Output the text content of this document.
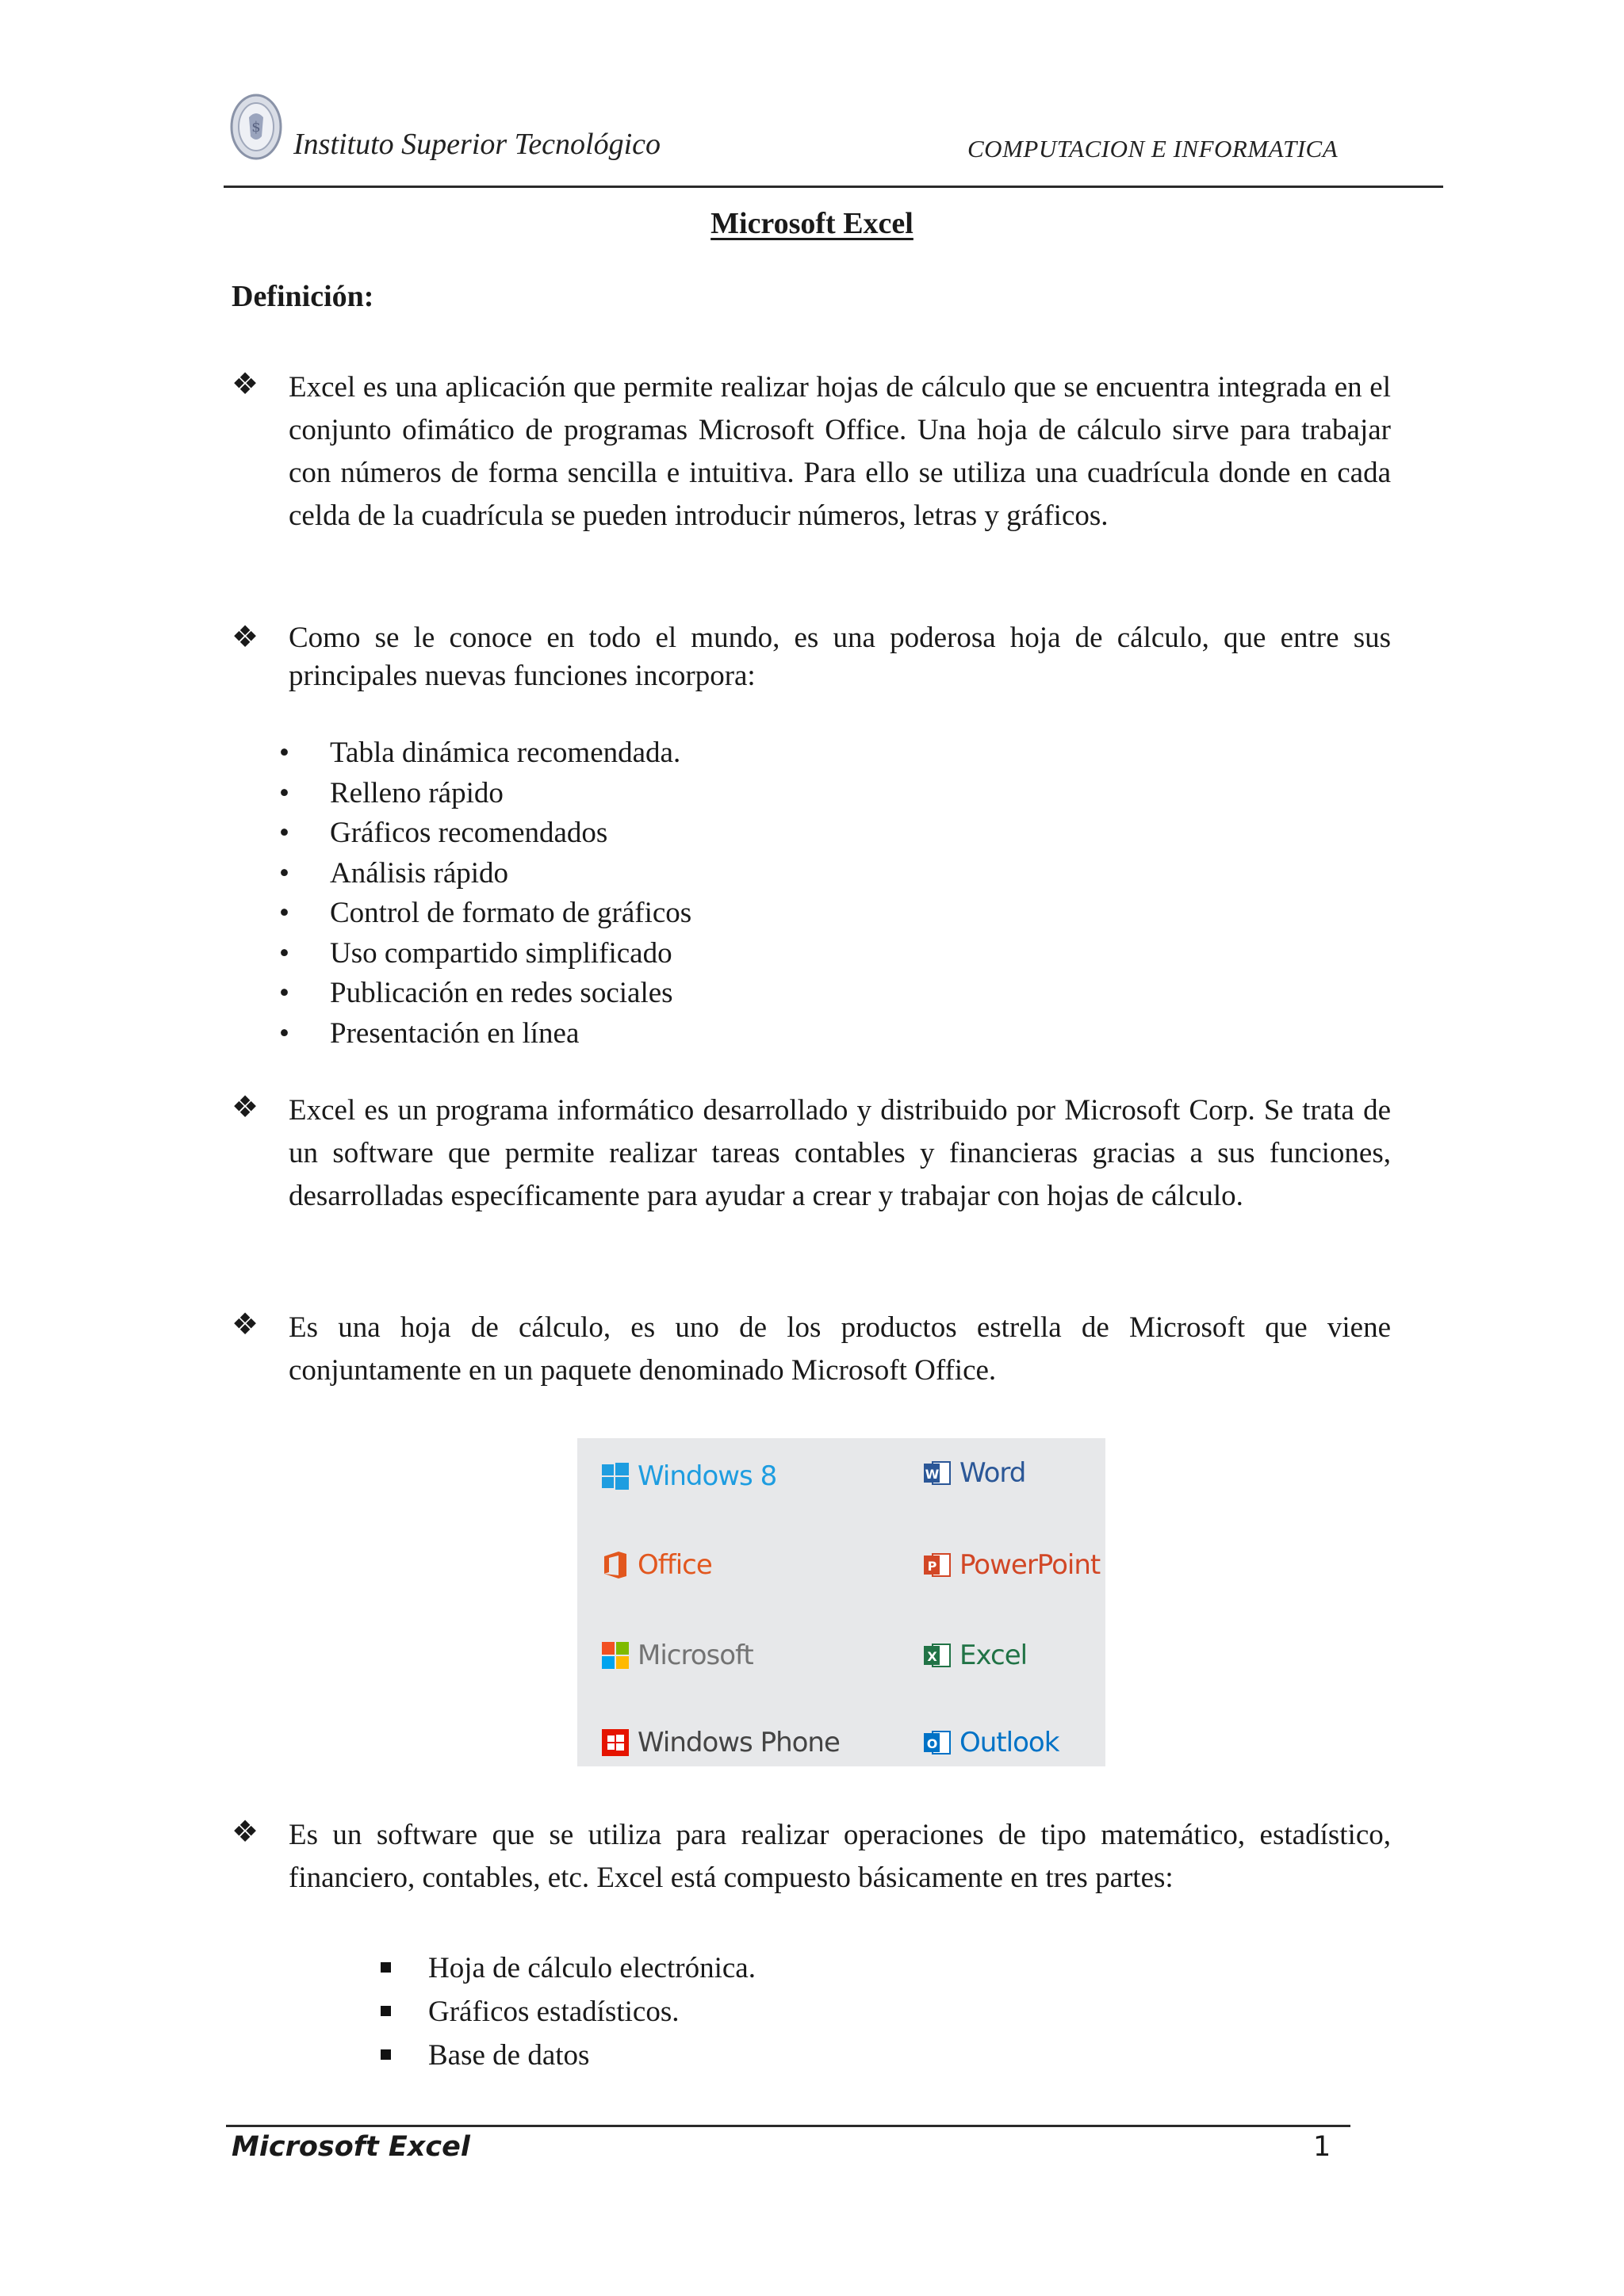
$
Instituto Superior Tecnológico	COMPUTACION E INFORMATICA
Microsoft Excel
Definición:
❖ Excel es una aplicación que permite realizar hojas de cálculo que se encuentra integrada en el conjunto ofimático de programas Microsoft Office. Una hoja de cálculo sirve para trabajar con números de forma sencilla e intuitiva. Para ello se utiliza una cuadrícula donde en cada celda de la cuadrícula se pueden introducir números, letras y gráficos.
❖ Como se le conoce en todo el mundo, es una poderosa hoja de cálculo, que entre sus principales nuevas funciones incorpora:
• Tabla dinámica recomendada.
• Relleno rápido
• Gráficos recomendados
• Análisis rápido
• Control de formato de gráficos
• Uso compartido simplificado
• Publicación en redes sociales
• Presentación en línea
❖ Excel es un programa informático desarrollado y distribuido por Microsoft Corp. Se trata de un software que permite realizar tareas contables y financieras gracias a sus funciones, desarrolladas específicamente para ayudar a crear y trabajar con hojas de cálculo.
❖ Es una hoja de cálculo, es uno de los productos estrella de Microsoft que viene conjuntamente en un paquete denominado Microsoft Office.
Windows 8	W Word
Office	P PowerPoint
Microsoft	X Excel
Windows Phone	O Outlook
❖ Es un software que se utiliza para realizar operaciones de tipo matemático, estadístico, financiero, contables, etc. Excel está compuesto básicamente en tres partes:
Hoja de cálculo electrónica.
Gráficos estadísticos.
Base de datos
Microsoft Excel	1
